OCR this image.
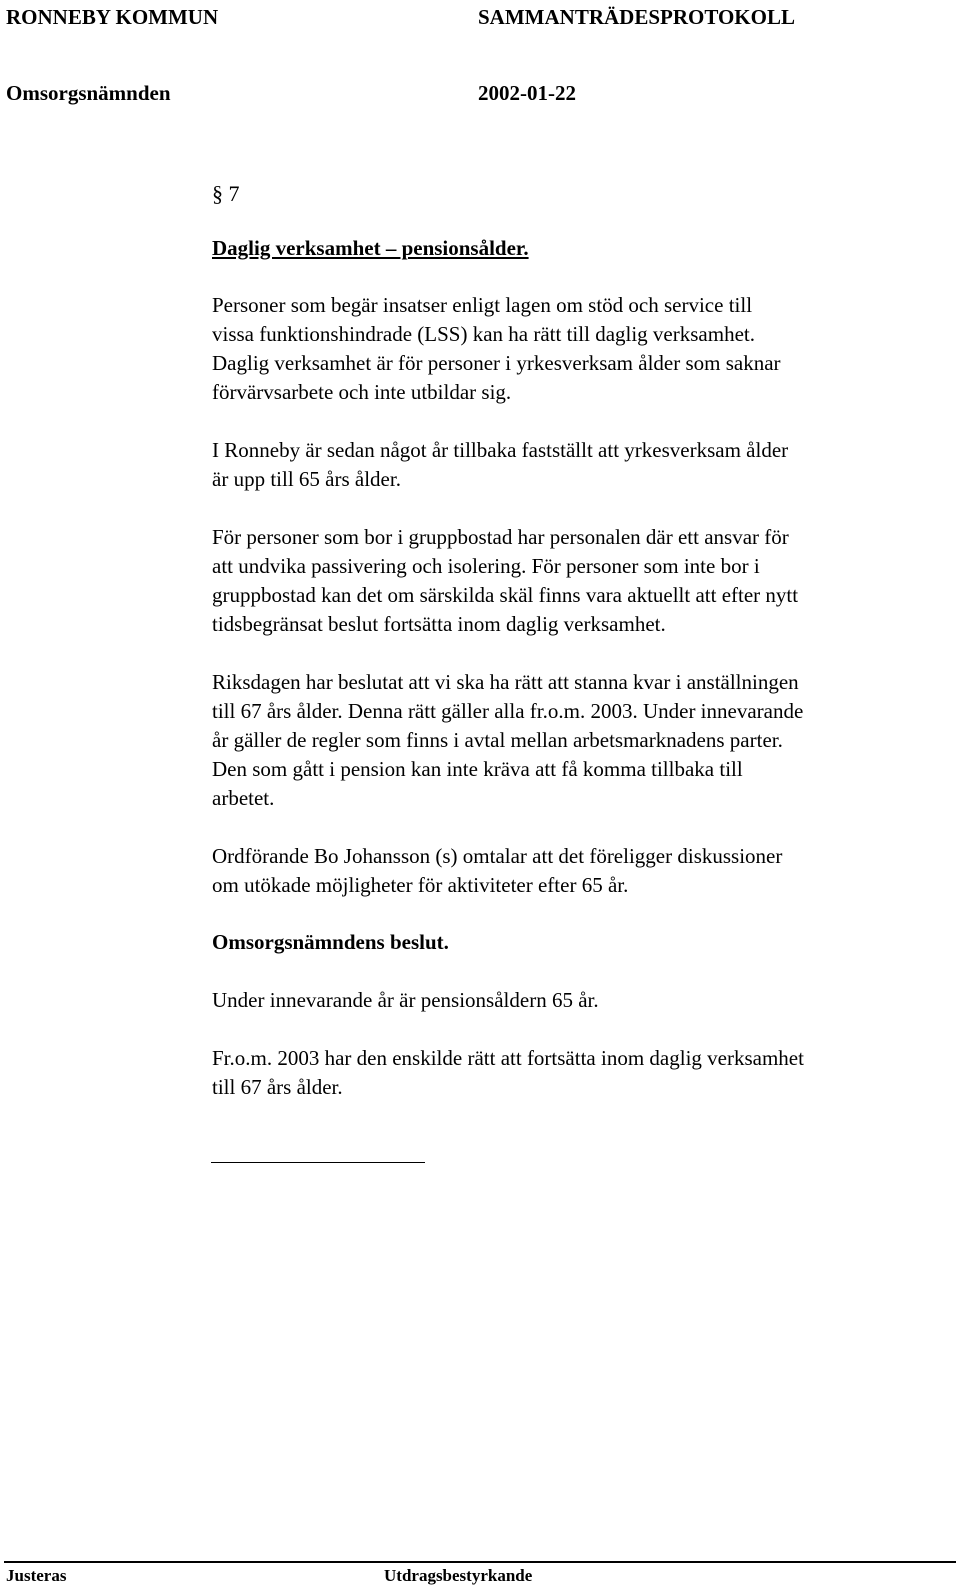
RONNEBY KOMMUN	SAMMANTRÄDESPROTOKOLL
Omsorgsnämnden	2002-01-22

§ 7

Daglig verksamhet – pensionsålder.

Personer som begär insatser enligt lagen om stöd och service till
vissa funktionshindrade (LSS) kan ha rätt till daglig verksamhet.
Daglig verksamhet är för personer i yrkesverksam ålder som saknar
förvärvsarbete och inte utbildar sig.

I Ronneby är sedan något år tillbaka fastställt att yrkesverksam ålder
är upp till 65 års ålder.

För personer som bor i gruppbostad har personalen där ett ansvar för
att undvika passivering och isolering. För personer som inte bor i
gruppbostad kan det om särskilda skäl finns vara aktuellt att efter nytt
tidsbegränsat beslut fortsätta inom daglig verksamhet.

Riksdagen har beslutat att vi ska ha rätt att stanna kvar i anställningen
till 67 års ålder. Denna rätt gäller alla fr.o.m. 2003. Under innevarande
år gäller de regler som finns i avtal mellan arbetsmarknadens parter.
Den som gått i pension kan inte kräva att få komma tillbaka till
arbetet.

Ordförande Bo Johansson (s) omtalar att det föreligger diskussioner
om utökade möjligheter för aktiviteter efter 65 år.

Omsorgsnämndens beslut.

Under innevarande år är pensionsåldern 65 år.

Fr.o.m. 2003 har den enskilde rätt att fortsätta inom daglig verksamhet
till 67 års ålder.

Justeras	Utdragsbestyrkande
